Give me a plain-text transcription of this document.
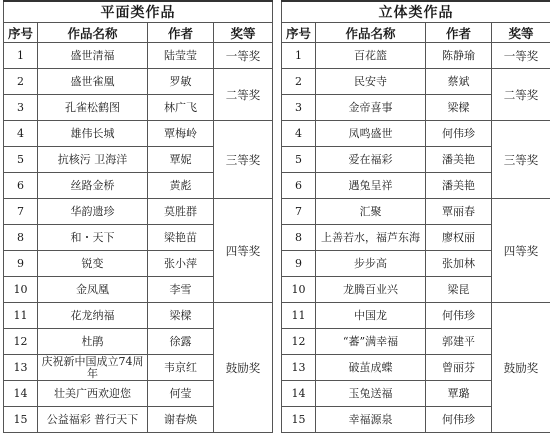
平面类作品			
序号	作品名称	作者	奖等
1	盛世清福	陆莹莹	一等奖
2	盛世雀凰	罗敏	二等奖
3	孔雀松鹤图	林广飞	
4	雄伟长城	覃梅岭	三等奖
5	抗核污 卫海洋	覃妮	
6	丝路金桥	黄彪	
7	华韵遗珍	莫胜群	四等奖
8	和・天下	梁艳苗	
9	锐变	张小萍	
10	金凤凰	李雪	
11	花龙纳福	梁樑	鼓励奖
12	杜鹃	徐露	
13	庆祝新中国成立74周年	韦京红	
14	壮美广西欢迎您	何莹	
15	公益福彩 普行天下	谢春焕	
立体类作品			
序号	作品名称	作者	奖等
1	百花篮	陈静瑜	一等奖
2	民安寺	蔡斌	二等奖
3	金帝喜事	梁樑	
4	凤鸣盛世	何伟珍	三等奖
5	爱在福彩	潘美艳	
6	遇兔呈祥	潘美艳	
7	汇聚	覃丽春	四等奖
8	上善若水，福芦东海	廖权丽	
9	步步高	张加林	
10	龙腾百业兴	梁昆	
11	中国龙	何伟珍	鼓励奖
12	“蕃”满幸福	郭建平	
13	破茧成蝶	曾丽芬	
14	玉兔送福	覃璐	
15	幸福源泉	何伟珍	
